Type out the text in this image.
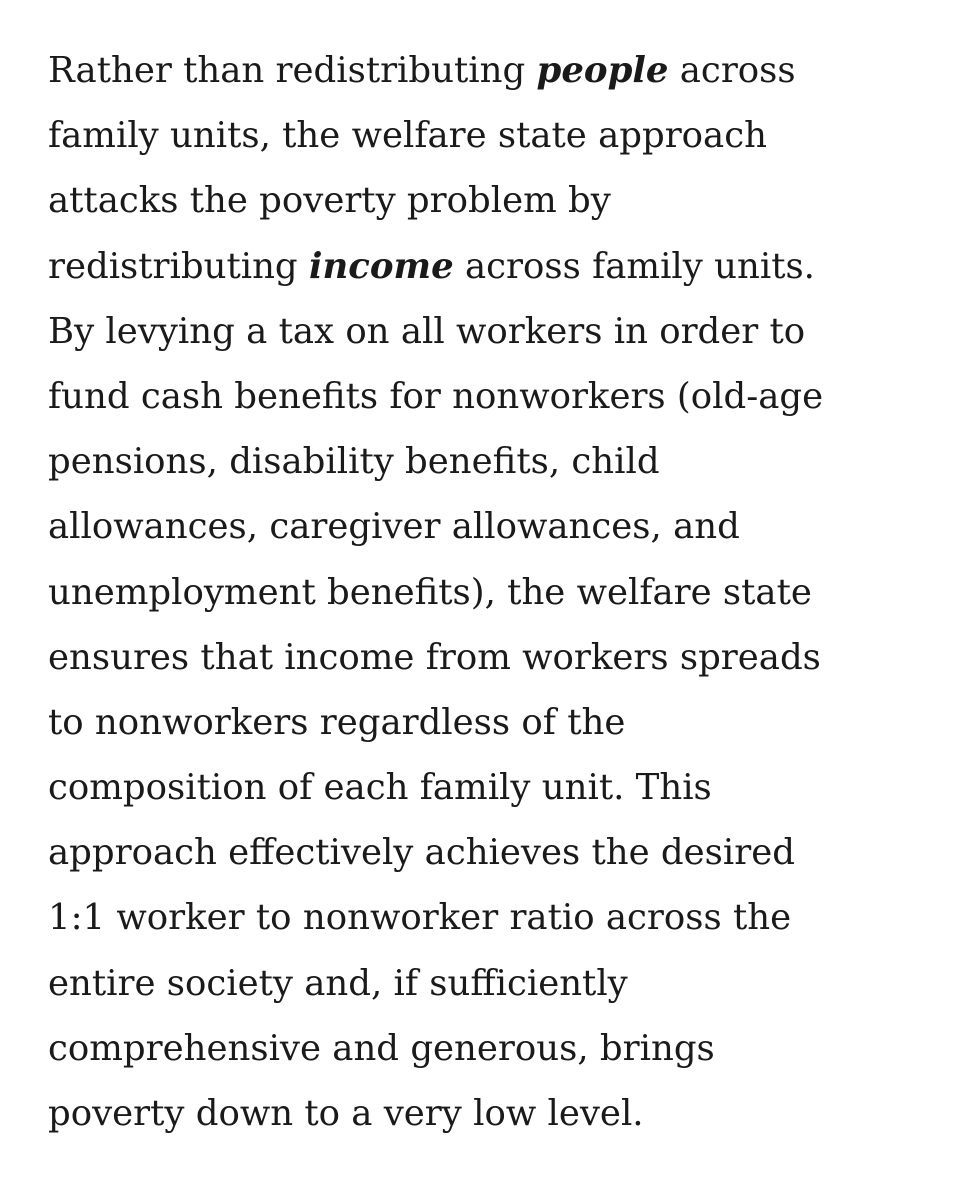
Rather than redistributing people across
family units, the welfare state approach
attacks the poverty problem by
redistributing income across family units.
By levying a tax on all workers in order to
fund cash benefits for nonworkers (old-age
pensions, disability benefits, child
allowances, caregiver allowances, and
unemployment benefits), the welfare state
ensures that income from workers spreads
to nonworkers regardless of the
composition of each family unit. This
approach effectively achieves the desired
1:1 worker to nonworker ratio across the
entire society and, if sufficiently
comprehensive and generous, brings
poverty down to a very low level.
